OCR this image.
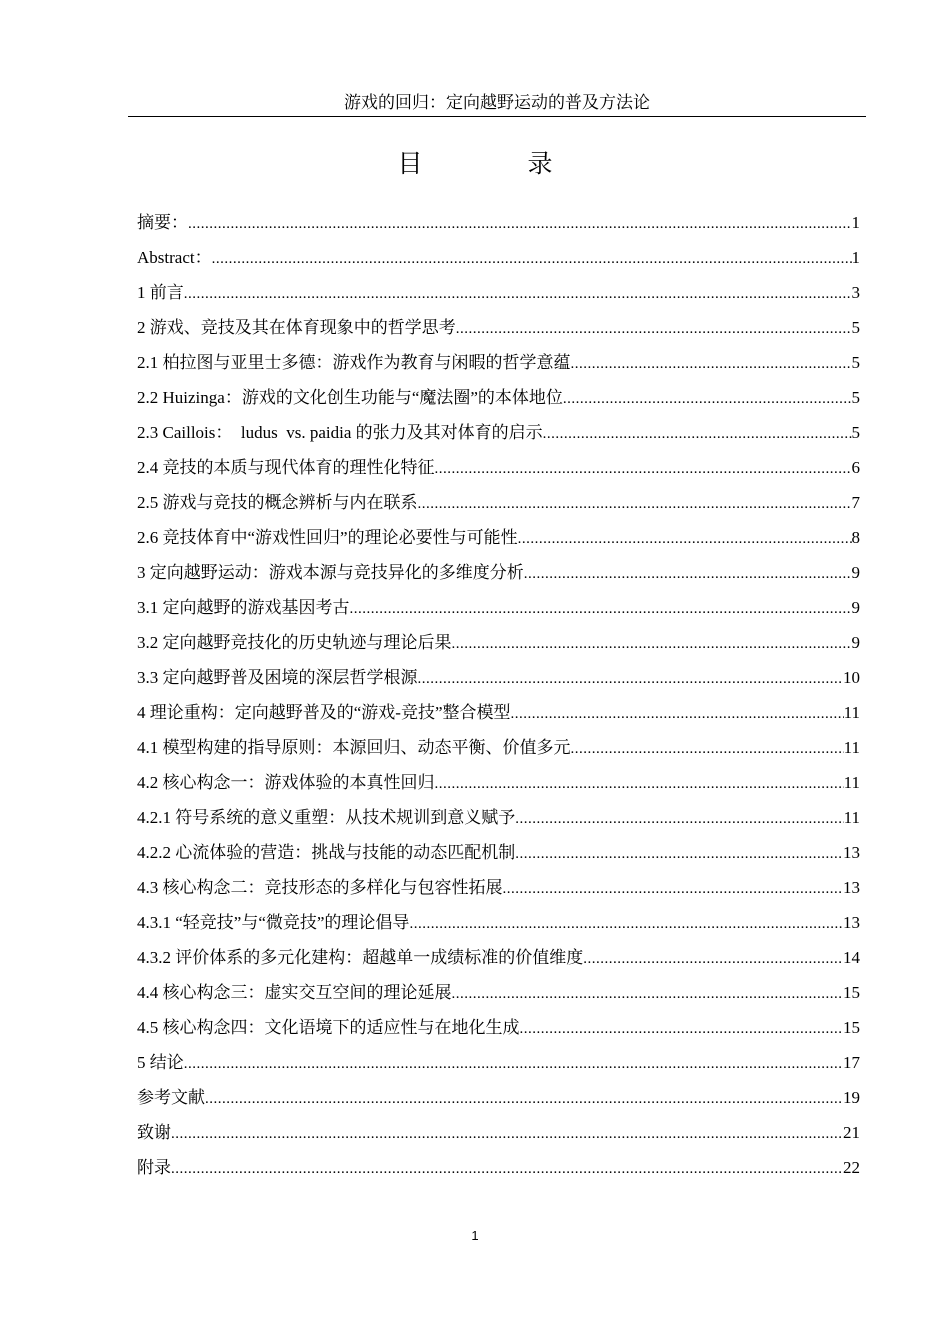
游戏的回归：定向越野运动的普及方法论
目　录
摘要： .....	1
Abstract： .....	1
1 前言 .....	3
2 游戏、竞技及其在体育现象中的哲学思考 .....	5
2.1 柏拉图与亚里士多德：游戏作为教育与闲暇的哲学意蕴 .....	5
2.2 Huizinga：游戏的文化创生功能与“魔法圈”的本体地位 .....	5
2.3 Caillois：　ludus  vs. paidia 的张力及其对体育的启示 .....	5
2.4 竞技的本质与现代体育的理性化特征 .....	6
2.5 游戏与竞技的概念辨析与内在联系 .....	7
2.6 竞技体育中“游戏性回归”的理论必要性与可能性 .....	8
3 定向越野运动：游戏本源与竞技异化的多维度分析 .....	9
3.1 定向越野的游戏基因考古 .....	9
3.2 定向越野竞技化的历史轨迹与理论后果 .....	9
3.3 定向越野普及困境的深层哲学根源 .....	10
4 理论重构：定向越野普及的“游戏-竞技”整合模型 .....	11
4.1 模型构建的指导原则：本源回归、动态平衡、价值多元 .....	11
4.2 核心构念一：游戏体验的本真性回归 .....	11
4.2.1 符号系统的意义重塑：从技术规训到意义赋予 .....	11
4.2.2 心流体验的营造：挑战与技能的动态匹配机制 .....	13
4.3 核心构念二：竞技形态的多样化与包容性拓展 .....	13
4.3.1 “轻竞技”与“微竞技”的理论倡导 .....	13
4.3.2 评价体系的多元化建构：超越单一成绩标准的价值维度 .....	14
4.4 核心构念三：虚实交互空间的理论延展 .....	15
4.5 核心构念四：文化语境下的适应性与在地化生成 .....	15
5 结论 .....	17
参考文献 .....	19
致谢 .....	21
附录 .....	22
1
